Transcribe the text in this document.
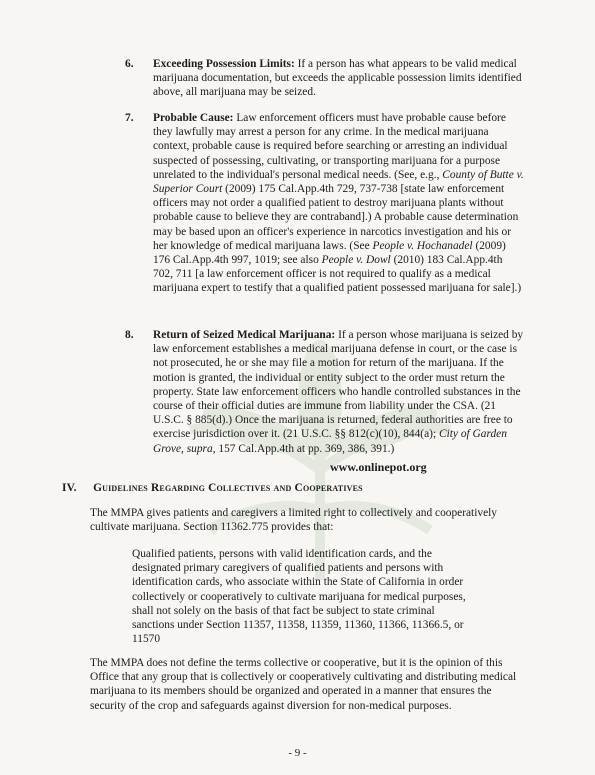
6. Exceeding Possession Limits: If a person has what appears to be valid medical marijuana documentation, but exceeds the applicable possession limits identified above, all marijuana may be seized.
7. Probable Cause: Law enforcement officers must have probable cause before they lawfully may arrest a person for any crime. In the medical marijuana context, probable cause is required before searching or arresting an individual suspected of possessing, cultivating, or transporting marijuana for a purpose unrelated to the individual's personal medical needs. (See, e.g., County of Butte v. Superior Court (2009) 175 Cal.App.4th 729, 737-738 [state law enforcement officers may not order a qualified patient to destroy marijuana plants without probable cause to believe they are contraband].) A probable cause determination may be based upon an officer's experience in narcotics investigation and his or her knowledge of medical marijuana laws. (See People v. Hochanadel (2009) 176 Cal.App.4th 997, 1019; see also People v. Dowl (2010) 183 Cal.App.4th 702, 711 [a law enforcement officer is not required to qualify as a medical marijuana expert to testify that a qualified patient possessed marijuana for sale].)
8. Return of Seized Medical Marijuana: If a person whose marijuana is seized by law enforcement establishes a medical marijuana defense in court, or the case is not prosecuted, he or she may file a motion for return of the marijuana. If the motion is granted, the individual or entity subject to the order must return the property. State law enforcement officers who handle controlled substances in the course of their official duties are immune from liability under the CSA. (21 U.S.C. § 885(d).) Once the marijuana is returned, federal authorities are free to exercise jurisdiction over it. (21 U.S.C. §§ 812(c)(10), 844(a); City of Garden Grove, supra, 157 Cal.App.4th at pp. 369, 386, 391.)
www.onlinepot.org
IV. Guidelines Regarding Collectives and Cooperatives
The MMPA gives patients and caregivers a limited right to collectively and cooperatively cultivate marijuana. Section 11362.775 provides that:
Qualified patients, persons with valid identification cards, and the designated primary caregivers of qualified patients and persons with identification cards, who associate within the State of California in order collectively or cooperatively to cultivate marijuana for medical purposes, shall not solely on the basis of that fact be subject to state criminal sanctions under Section 11357, 11358, 11359, 11360, 11366, 11366.5, or 11570
The MMPA does not define the terms collective or cooperative, but it is the opinion of this Office that any group that is collectively or cooperatively cultivating and distributing medical marijuana to its members should be organized and operated in a manner that ensures the security of the crop and safeguards against diversion for non-medical purposes.
- 9 -
